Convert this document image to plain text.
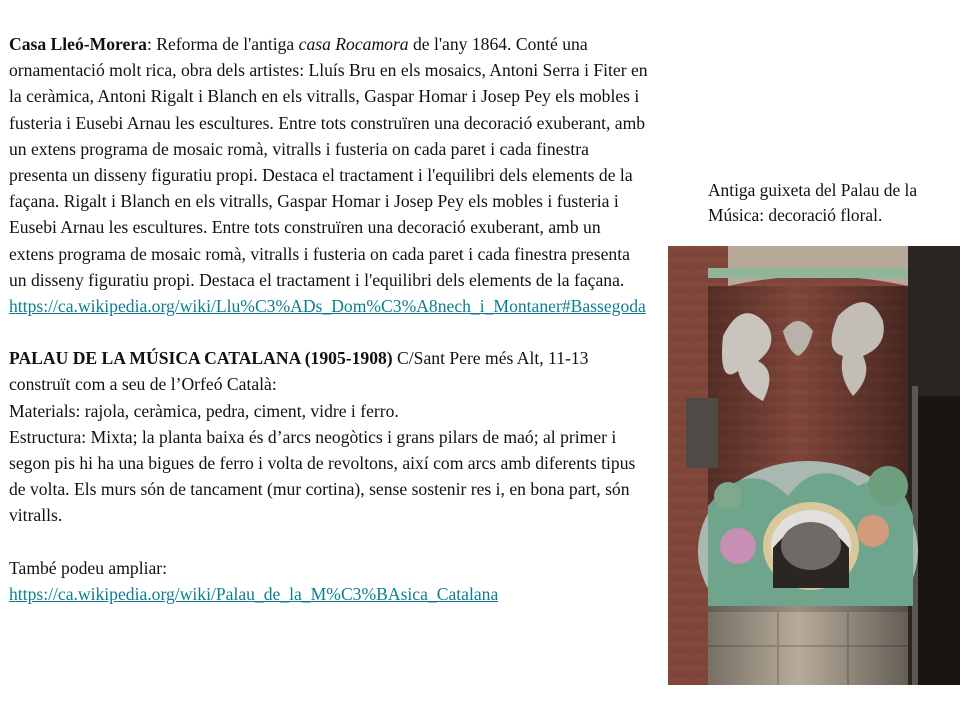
Casa Lleó-Morera: Reforma de l'antiga casa Rocamora de l'any 1864. Conté una ornamentació molt rica, obra dels artistes: Lluís Bru en els mosaics, Antoni Serra i Fiter en la ceràmica, Antoni Rigalt i Blanch en els vitralls, Gaspar Homar i Josep Pey els mobles i fusteria i Eusebi Arnau les escultures. Entre tots construïren una decoració exuberant, amb un extens programa de mosaic romà, vitralls i fusteria on cada paret i cada finestra presenta un disseny figuratiu propi. Destaca el tractament i l'equilibri dels elements de la façana. Rigalt i Blanch en els vitralls, Gaspar Homar i Josep Pey els mobles i fusteria i Eusebi Arnau les escultures. Entre tots construïren una decoració exuberant, amb un extens programa de mosaic romà, vitralls i fusteria on cada paret i cada finestra presenta un disseny figuratiu propi. Destaca el tractament i l'equilibri dels elements de la façana.

https://ca.wikipedia.org/wiki/Llu%C3%ADs_Dom%C3%A8nech_i_Montaner#Bassegoda

PALAU DE LA MÚSICA CATALANA (1905-1908) C/Sant Pere més Alt, 11-13 construït com a seu de l’Orfeó Català:

Materials: rajola, ceràmica, pedra, ciment, vidre i ferro.

Estructura: Mixta; la planta baixa és d’arcs neogòtics i grans pilars de maó; al primer i segon pis hi ha una bigues de ferro i volta de revoltons, així com arcs amb diferents tipus de volta. Els murs són de tancament (mur cortina), sense sostenir res i, en bona part, són vitralls.

També podeu ampliar:

https://ca.wikipedia.org/wiki/Palau_de_la_M%C3%BAsica_Catalana

Antiga guixeta del Palau de la Música: decoració floral.
